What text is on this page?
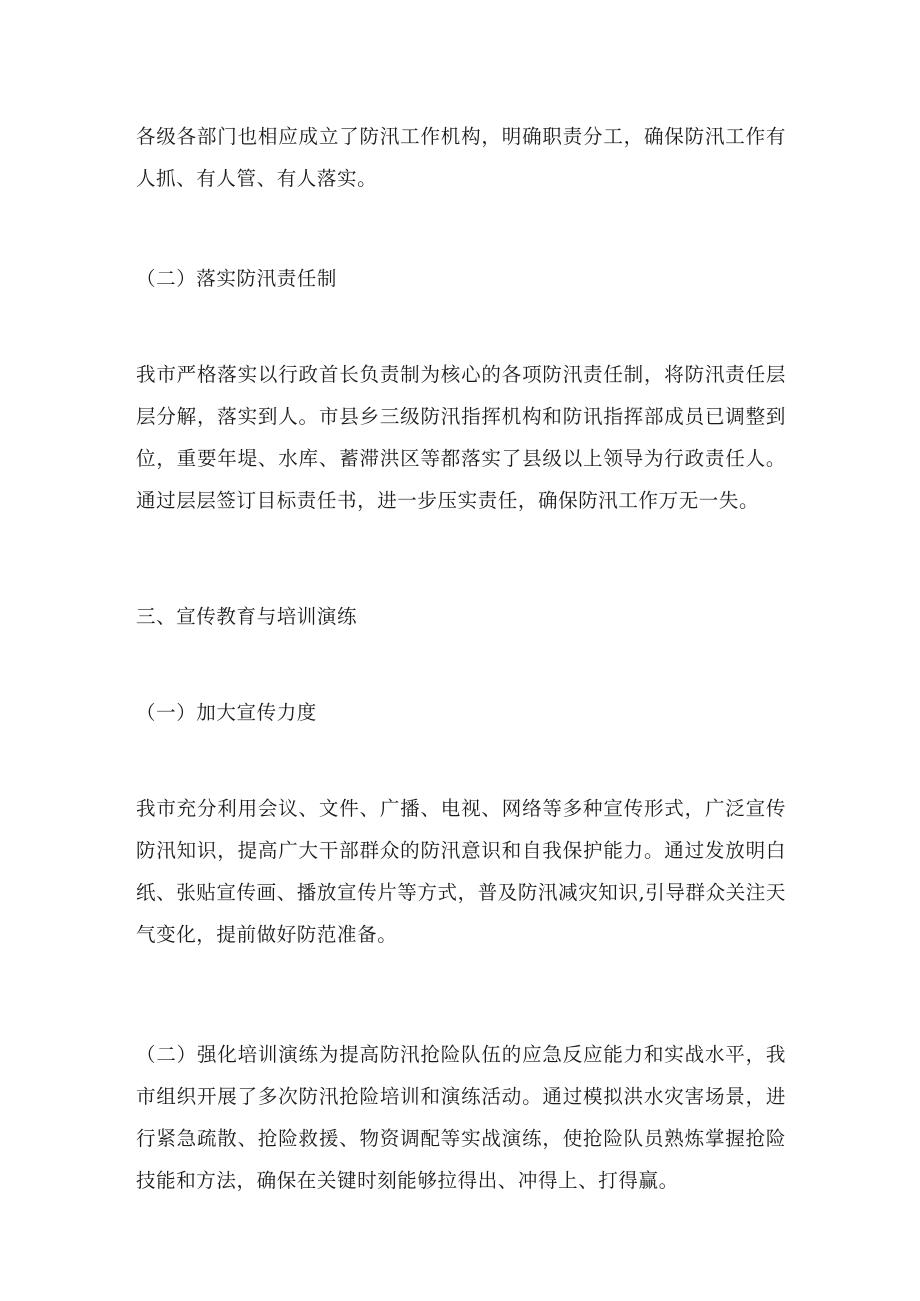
各级各部门也相应成立了防汛工作机构，明确职责分工，确保防汛工作有人抓、有人管、有人落实。

（二）落实防汛责任制

我市严格落实以行政首长负责制为核心的各项防汛责任制，将防汛责任层层分解，落实到人。市县乡三级防汛指挥机构和防讯指挥部成员已调整到位，重要年堤、水库、蓄滞洪区等都落实了县级以上领导为行政责任人。通过层层签订目标责任书，进一步压实责任，确保防汛工作万无一失。

三、宣传教育与培训演练

（一）加大宣传力度

我市充分利用会议、文件、广播、电视、网络等多种宣传形式，广泛宣传防汛知识，提高广大干部群众的防汛意识和自我保护能力。通过发放明白纸、张贴宣传画、播放宣传片等方式，普及防汛减灾知识,引导群众关注天气变化，提前做好防范准备。

（二）强化培训演练为提高防汛抢险队伍的应急反应能力和实战水平，我市组织开展了多次防汛抢险培训和演练活动。通过模拟洪水灾害场景，进行紧急疏散、抢险救援、物资调配等实战演练，使抢险队员熟炼掌握抢险技能和方法，确保在关键时刻能够拉得出、冲得上、打得赢。
